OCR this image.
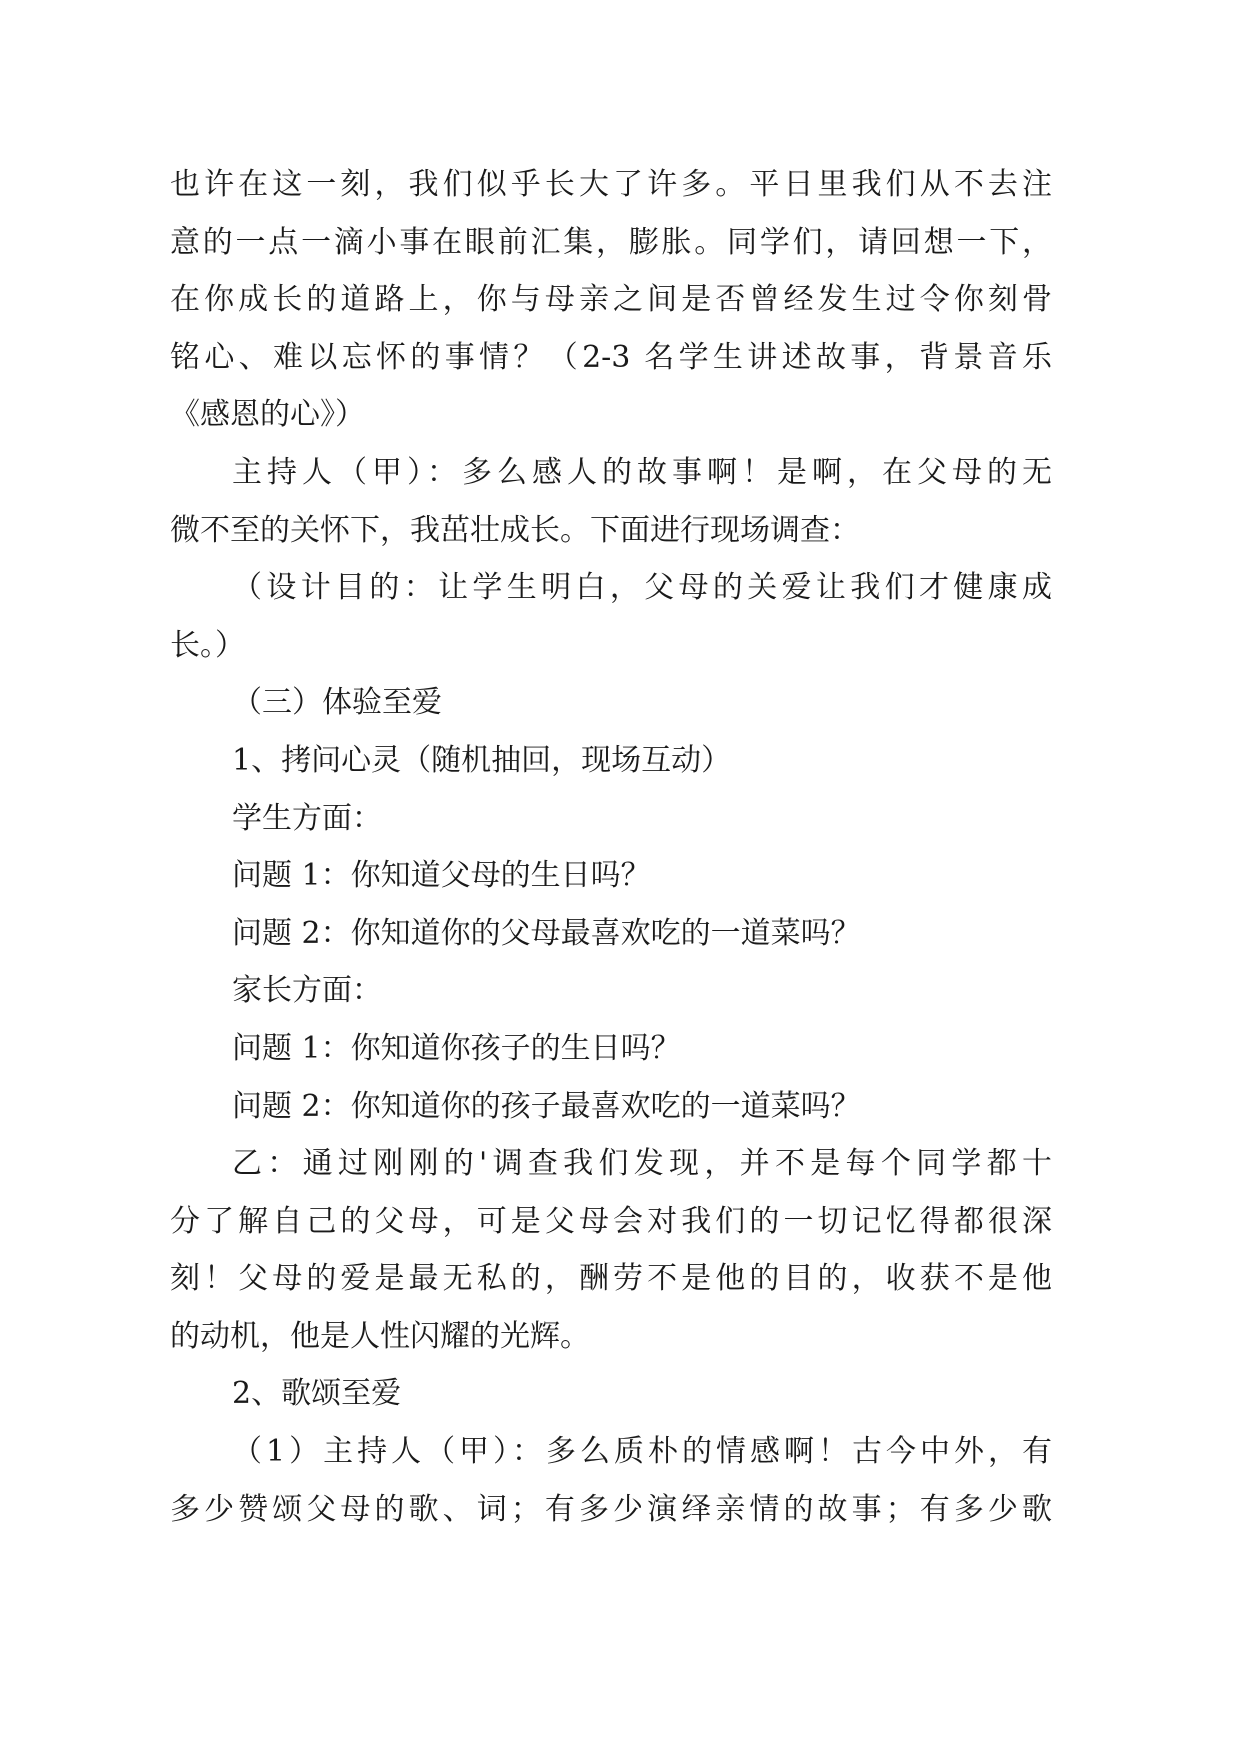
也许在这一刻，我们似乎长大了许多。平日里我们从不去注
意的一点一滴小事在眼前汇集，膨胀。同学们，请回想一下，
在你成长的道路上，你与母亲之间是否曾经发生过令你刻骨
铭心、难以忘怀的事情？（2-3 名学生讲述故事，背景音乐
《感恩的心》）
主持人（甲）：多么感人的故事啊！是啊，在父母的无
微不至的关怀下，我茁壮成长。下面进行现场调查：
（设计目的：让学生明白，父母的关爱让我们才健康成
长。）
（三）体验至爱
1、拷问心灵（随机抽回，现场互动）
学生方面：
问题 1：你知道父母的生日吗？
问题 2：你知道你的父母最喜欢吃的一道菜吗？
家长方面：
问题 1：你知道你孩子的生日吗？
问题 2：你知道你的孩子最喜欢吃的一道菜吗？
乙：通过刚刚的'调查我们发现，并不是每个同学都十
分了解自己的父母，可是父母会对我们的一切记忆得都很深
刻！父母的爱是最无私的，酬劳不是他的目的，收获不是他
的动机，他是人性闪耀的光辉。
2、歌颂至爱
（1）主持人（甲）：多么质朴的情感啊！古今中外，有
多少赞颂父母的歌、词；有多少演绎亲情的故事；有多少歌
